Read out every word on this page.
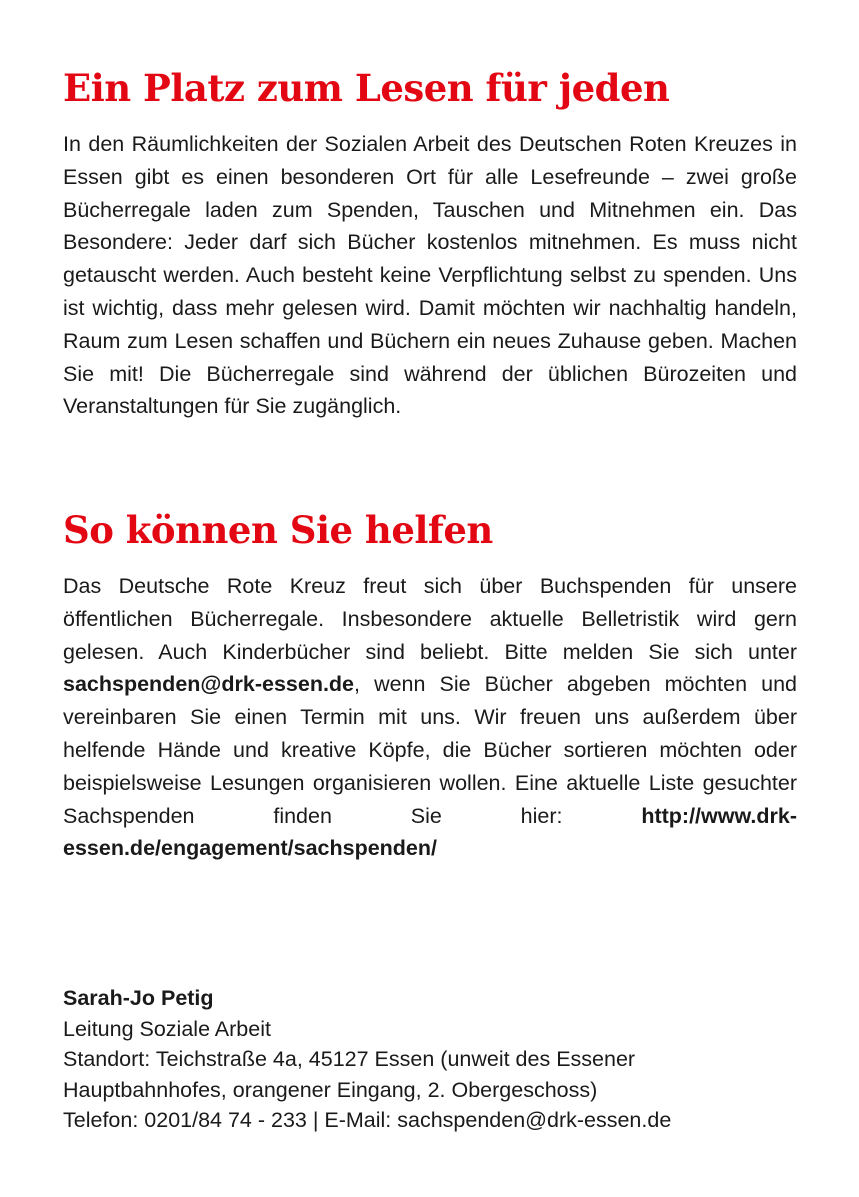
Ein Platz zum Lesen für jeden

In den Räumlichkeiten der Sozialen Arbeit des Deutschen Roten Kreuzes in Essen gibt es einen besonderen Ort für alle Lesefreunde – zwei große Bücherregale laden zum Spenden, Tauschen und Mitnehmen ein. Das Besondere: Jeder darf sich Bücher kostenlos mitnehmen. Es muss nicht getauscht werden. Auch besteht keine Verpflichtung selbst zu spenden. Uns ist wichtig, dass mehr gelesen wird. Damit möchten wir nachhaltig handeln, Raum zum Lesen schaffen und Büchern ein neues Zuhause geben. Machen Sie mit! Die Bücherregale sind während der üblichen Bürozeiten und Veranstaltungen für Sie zugänglich.

So können Sie helfen

Das Deutsche Rote Kreuz freut sich über Buchspenden für unsere öffentlichen Bücherregale. Insbesondere aktuelle Belletristik wird gern gelesen. Auch Kinderbücher sind beliebt. Bitte melden Sie sich unter sachspenden@drk-essen.de, wenn Sie Bücher abgeben möchten und vereinbaren Sie einen Termin mit uns. Wir freuen uns außerdem über helfende Hände und kreative Köpfe, die Bücher sortieren möchten oder beispielsweise Lesungen organisieren wollen. Eine aktuelle Liste gesuchter Sachspenden finden Sie hier: http://www.drk-essen.de/engagement/sachspenden/

Sarah-Jo Petig
Leitung Soziale Arbeit
Standort: Teichstraße 4a, 45127 Essen (unweit des Essener
Hauptbahnhofes, orangener Eingang, 2. Obergeschoss)
Telefon: 0201/84 74 - 233 | E-Mail: sachspenden@drk-essen.de
